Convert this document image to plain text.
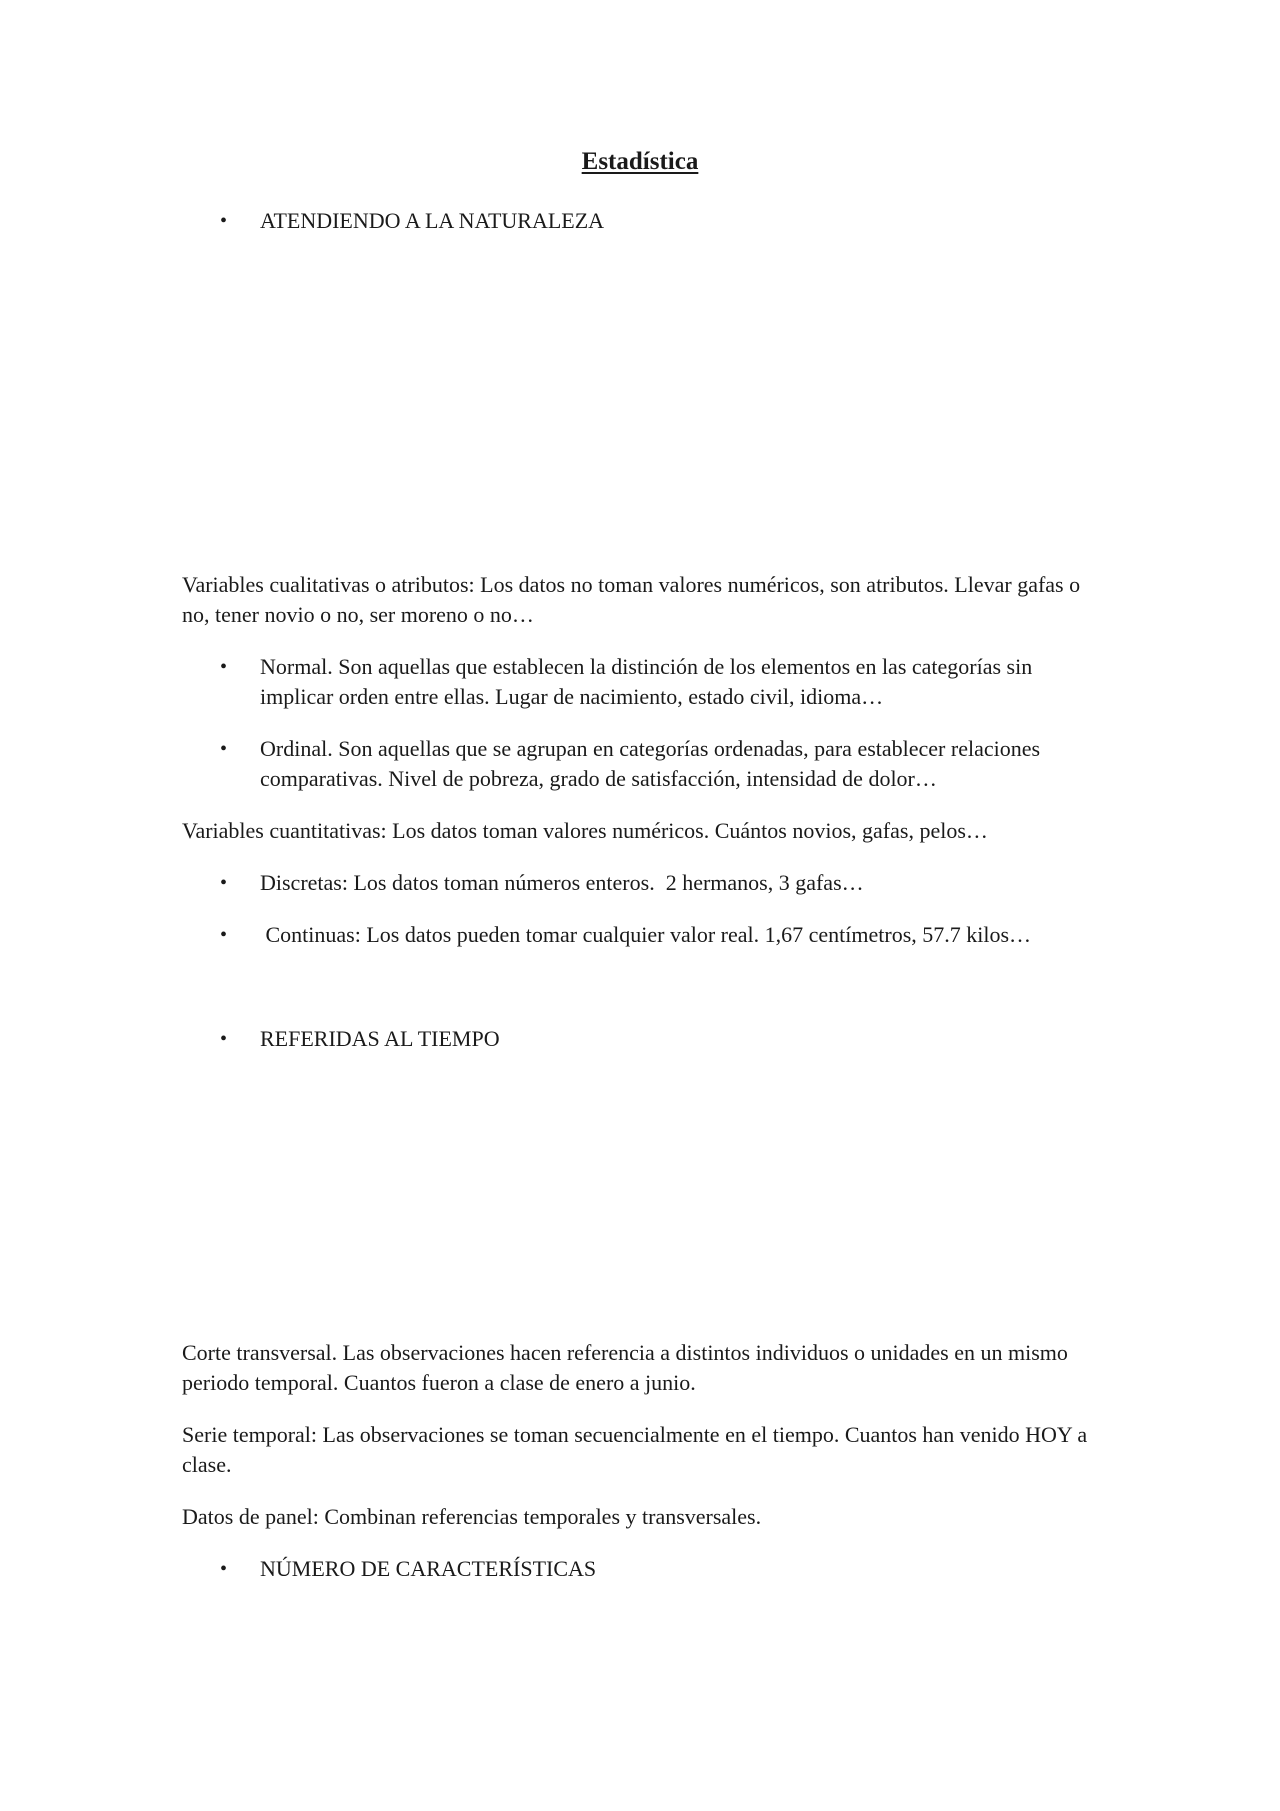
Estadística
• ATENDIENDO A LA NATURALEZA
Variables cualitativas o atributos: Los datos no toman valores numéricos, son atributos. Llevar gafas o no, tener novio o no, ser moreno o no…
• Normal. Son aquellas que establecen la distinción de los elementos en las categorías sin implicar orden entre ellas. Lugar de nacimiento, estado civil, idioma…
• Ordinal. Son aquellas que se agrupan en categorías ordenadas, para establecer relaciones comparativas. Nivel de pobreza, grado de satisfacción, intensidad de dolor…
Variables cuantitativas: Los datos toman valores numéricos. Cuántos novios, gafas, pelos…
• Discretas: Los datos toman números enteros.  2 hermanos, 3 gafas…
• Continuas: Los datos pueden tomar cualquier valor real. 1,67 centímetros, 57.7 kilos…
• REFERIDAS AL TIEMPO
Corte transversal. Las observaciones hacen referencia a distintos individuos o unidades en un mismo periodo temporal. Cuantos fueron a clase de enero a junio.
Serie temporal: Las observaciones se toman secuencialmente en el tiempo. Cuantos han venido HOY a clase.
Datos de panel: Combinan referencias temporales y transversales.
• NÚMERO DE CARACTERÍSTICAS
